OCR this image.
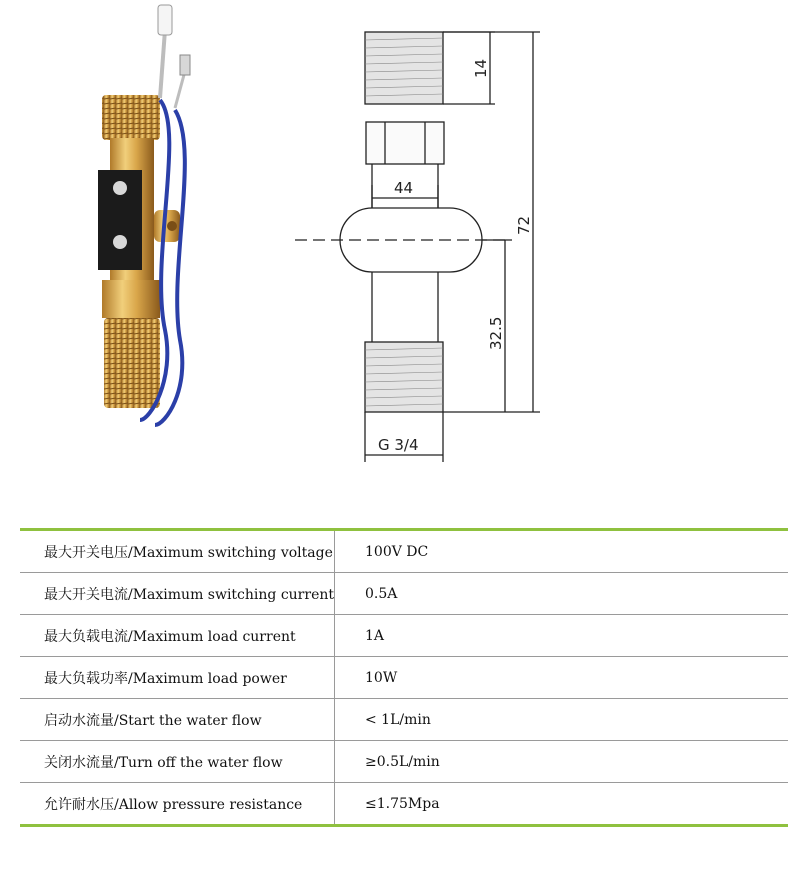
14
72
32.5
44
G 3/4
最大开关电压/Maximum switching voltage	100V DC
最大开关电流/Maximum switching current	0.5A
最大负载电流/Maximum load current	1A
最大负载功率/Maximum load power	10W
启动水流量/Start the water flow	< 1L/min
关闭水流量/Turn off the water flow	≥0.5L/min
允许耐水压/Allow pressure resistance	≤1.75Mpa
